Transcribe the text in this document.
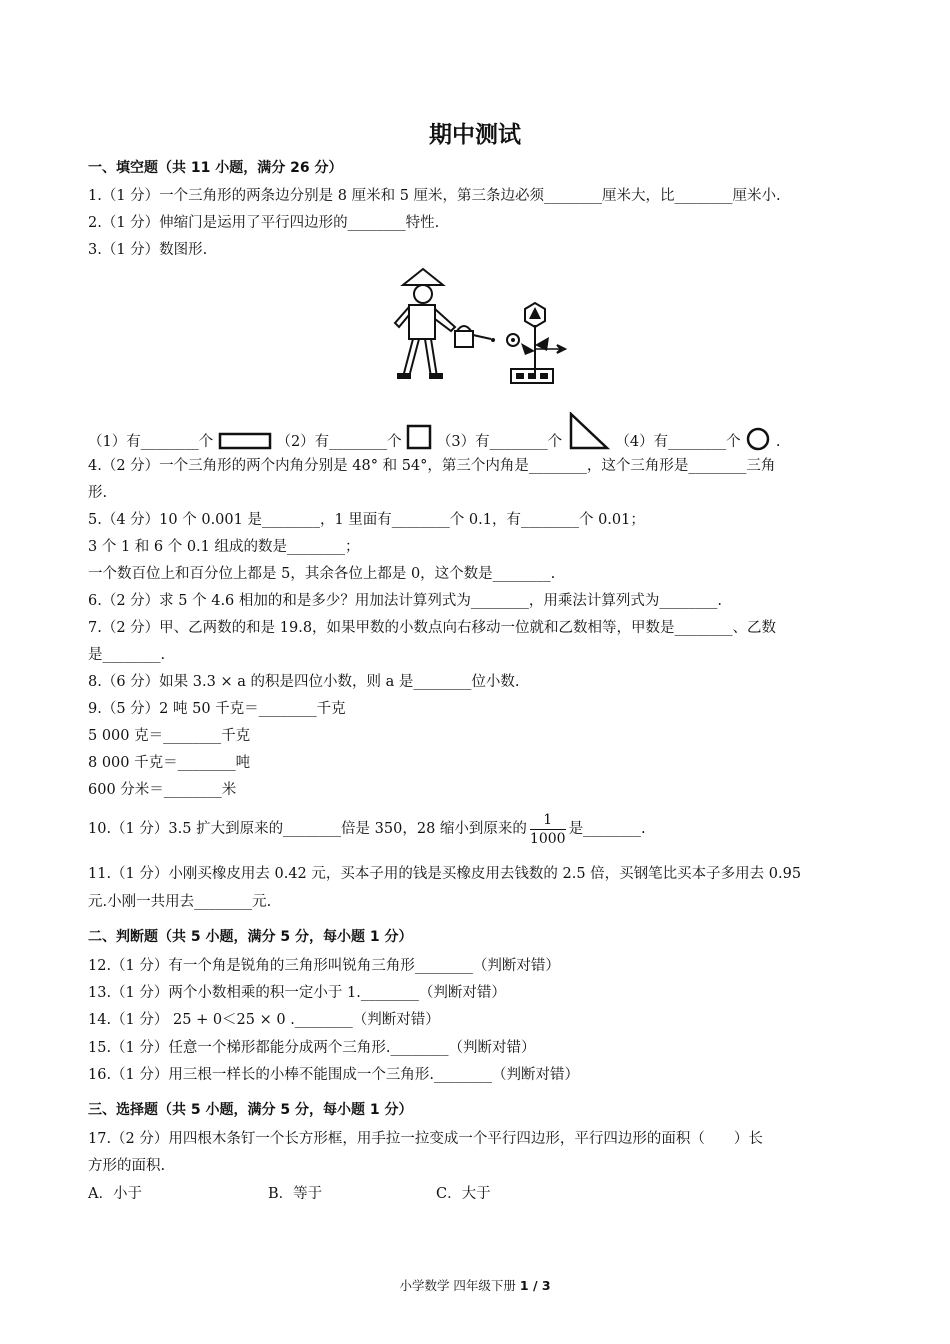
期中测试
一、填空题（共 11 小题，满分 26 分）
1.（1 分）一个三角形的两条边分别是 8 厘米和 5 厘米，第三条边必须________厘米大，比________厘米小.
2.（1 分）伸缩门是运用了平行四边形的________特性.
3.（1 分）数图形.
（1）有________个	（2）有________个 （3）有________个	（4）有________个 .
4.（2 分）一个三角形的两个内角分别是 48° 和 54°，第三个内角是________，这个三角形是________三角
形.
5.（4 分）10 个 0.001 是________，1 里面有________个 0.1，有________个 0.01；
3 个 1 和 6 个 0.1 组成的数是________；
一个数百位上和百分位上都是 5，其余各位上都是 0，这个数是________.
6.（2 分）求 5 个 4.6 相加的和是多少？用加法计算列式为________，用乘法计算列式为________.
7.（2 分）甲、乙两数的和是 19.8，如果甲数的小数点向右移动一位就和乙数相等，甲数是________、乙数
是________.
8.（6 分）如果 3.3 × a 的积是四位小数，则 a 是________位小数.
9.（5 分）2 吨 50 千克＝________千克
5 000 克＝________千克
8 000 千克＝________吨
600 分米＝________米
10.（1 分）3.5 扩大到原来的________倍是 350，28 缩小到原来的 $\frac{1}{1000}$ 是________.
11.（1 分）小刚买橡皮用去 0.42 元，买本子用的钱是买橡皮用去钱数的 2.5 倍，买钢笔比买本子多用去 0.95
元.小刚一共用去________元.
二、判断题（共 5 小题，满分 5 分，每小题 1 分）
12.（1 分）有一个角是锐角的三角形叫锐角三角形________（判断对错）
13.（1 分）两个小数相乘的积一定小于 1.________（判断对错）
14.（1 分） 25 + 0＜25 × 0 .________（判断对错）
15.（1 分）任意一个梯形都能分成两个三角形.________（判断对错）
16.（1 分）用三根一样长的小棒不能围成一个三角形.________（判断对错）
三、选择题（共 5 小题，满分 5 分，每小题 1 分）
17.（2 分）用四根木条钉一个长方形框，用手拉一拉变成一个平行四边形，平行四边形的面积（　　）长
方形的面积.
A．小于	B．等于	C．大于
小学数学 四年级下册 1 / 3
